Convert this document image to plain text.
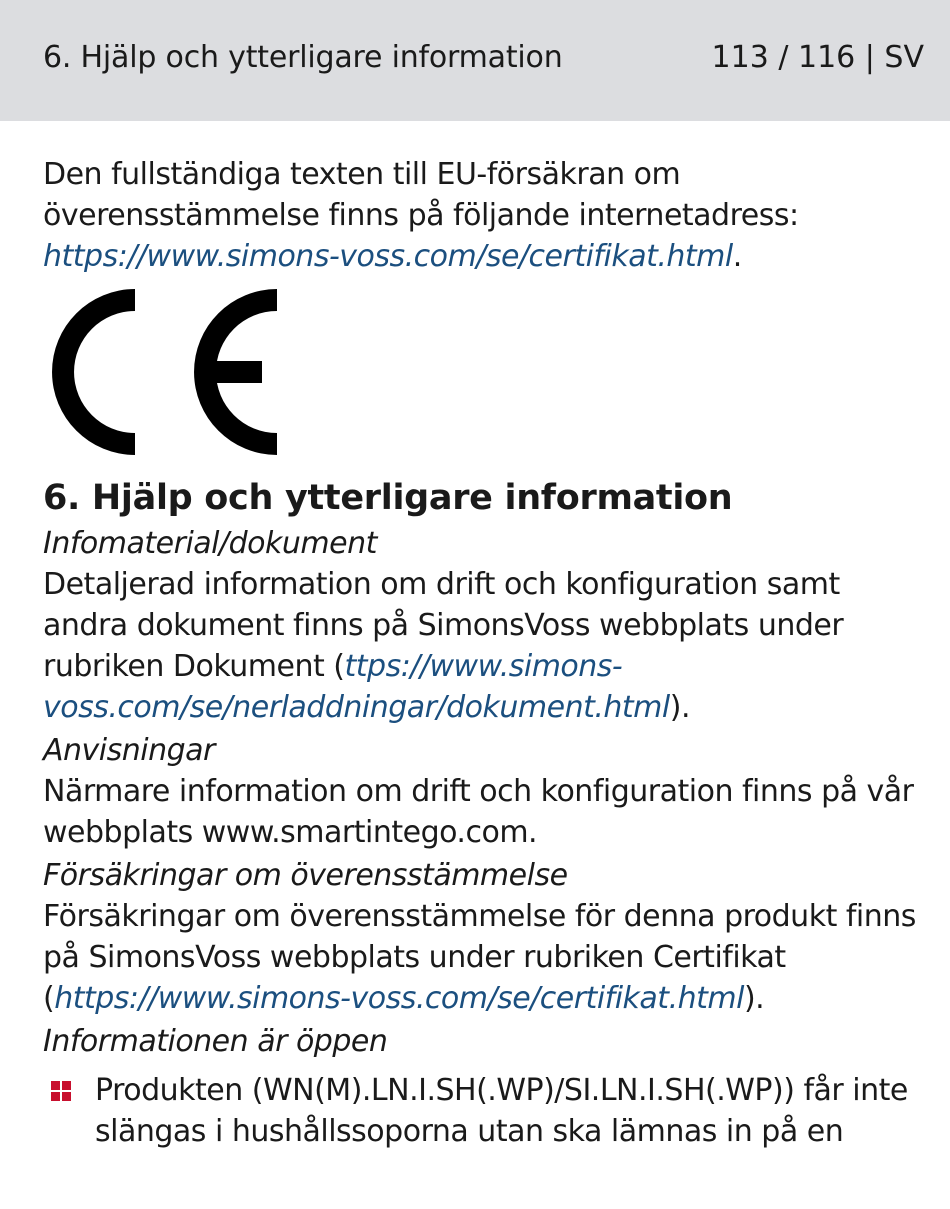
6. Hjälp och ytterligare information	113 / 116 | SV

Den fullständiga texten till EU-försäkran om överensstämmelse finns på följande internetadress: https://www.simons-voss.com/se/certifikat.html.

6. Hjälp och ytterligare information

Infomaterial/dokument

Detaljerad information om drift och konfiguration samt andra dokument finns på SimonsVoss webbplats under rubriken Dokument (ttps://www.simons-voss.com/se/nerladdningar/dokument.html).

Anvisningar

Närmare information om drift och konfiguration finns på vår webbplats www.smartintego.com.

Försäkringar om överensstämmelse

Försäkringar om överensstämmelse för denna produkt finns på SimonsVoss webbplats under rubriken Certifikat (https://www.simons-voss.com/se/certifikat.html).

Informationen är öppen

Produkten (WN(M).LN.I.SH(.WP)/SI.LN.I.SH(.WP)) får inte slängas i hushållssoporna utan ska lämnas in på en
